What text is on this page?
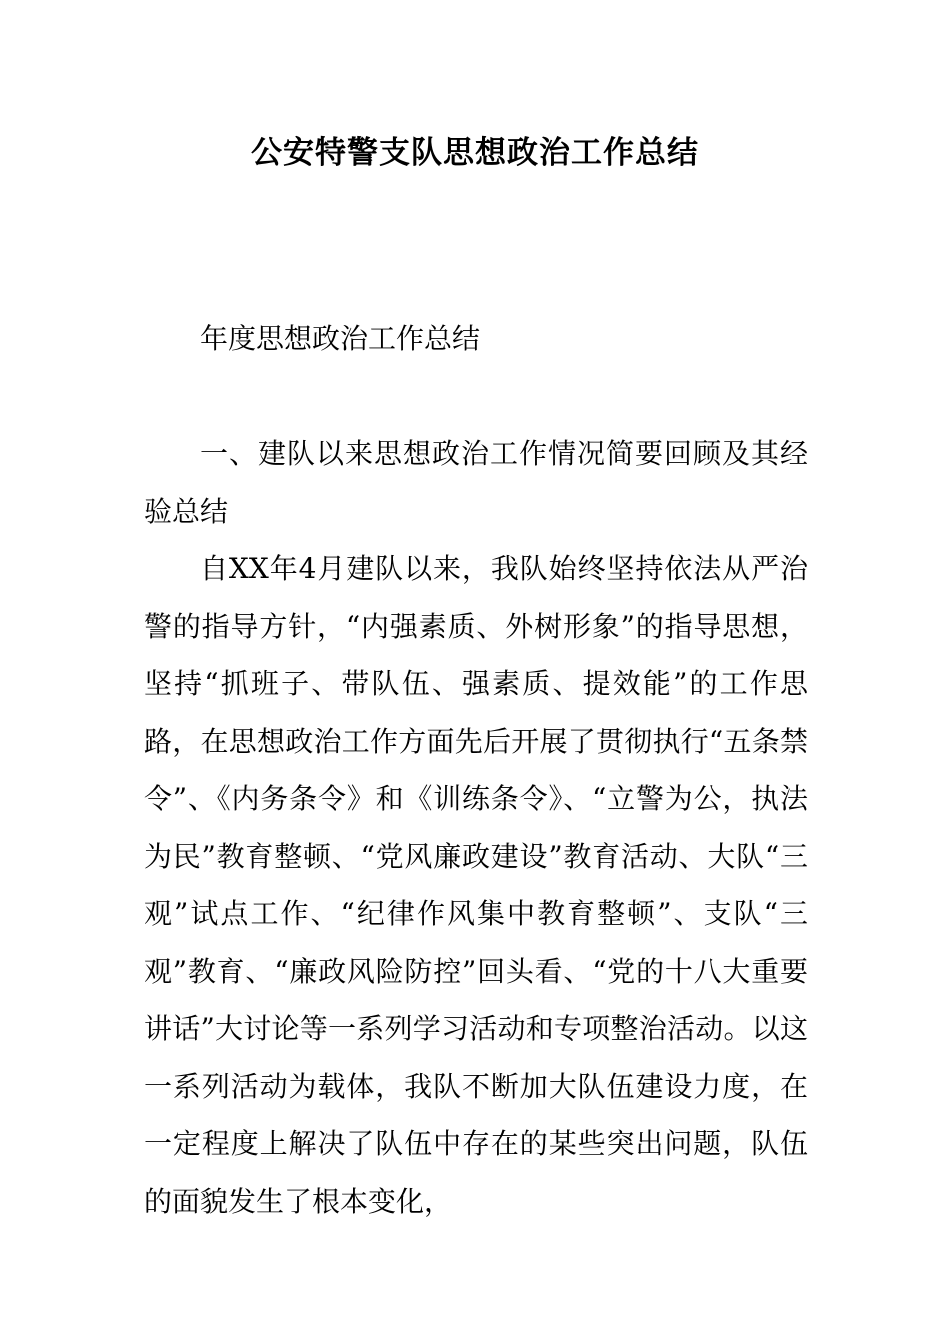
公安特警支队思想政治工作总结
年度思想政治工作总结
一、建队以来思想政治工作情况简要回顾及其经验总结
自XX年4月建队以来，我队始终坚持依法从严治警的指导方针，“内强素质、外树形象”的指导思想，坚持“抓班子、带队伍、强素质、提效能”的工作思路，在思想政治工作方面先后开展了贯彻执行“五条禁令”、《内务条令》和《训练条令》、“立警为公，执法为民”教育整顿、“党风廉政建设”教育活动、大队“三观”试点工作、“纪律作风集中教育整顿”、支队“三观”教育、“廉政风险防控”回头看、“党的十八大重要讲话”大讨论等一系列学习活动和专项整治活动。以这一系列活动为载体，我队不断加大队伍建设力度，在一定程度上解决了队伍中存在的某些突出问题，队伍的面貌发生了根本变化，
